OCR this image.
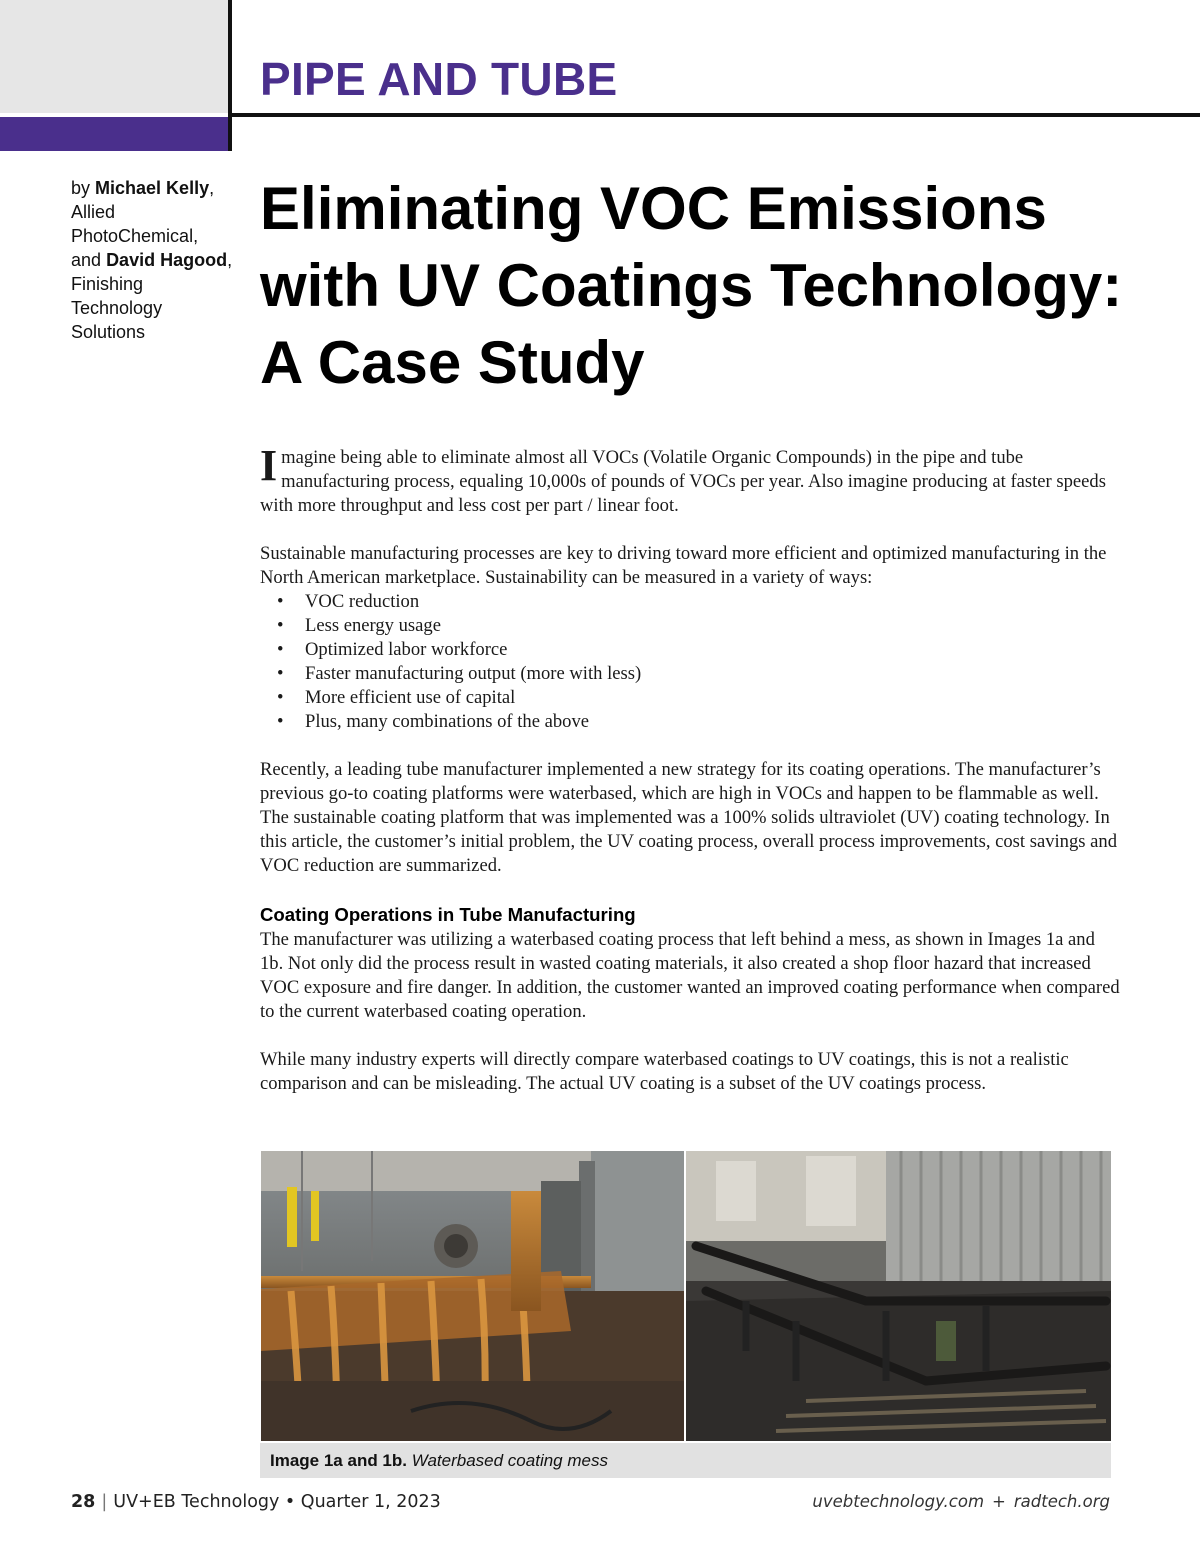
PIPE AND TUBE
by Michael Kelly, Allied PhotoChemical, and David Hagood, Finishing Technology Solutions
Eliminating VOC Emissions with UV Coatings Technology: A Case Study

Imagine being able to eliminate almost all VOCs (Volatile Organic Compounds) in the pipe and tube manufacturing process, equaling 10,000s of pounds of VOCs per year. Also imagine producing at faster speeds with more throughput and less cost per part / linear foot.

Sustainable manufacturing processes are key to driving toward more efficient and optimized manufacturing in the North American marketplace. Sustainability can be measured in a variety of ways:

• VOC reduction
• Less energy usage
• Optimized labor workforce
• Faster manufacturing output (more with less)
• More efficient use of capital
• Plus, many combinations of the above

Recently, a leading tube manufacturer implemented a new strategy for its coating operations. The manufacturer’s previous go-to coating platforms were waterbased, which are high in VOCs and happen to be flammable as well. The sustainable coating platform that was implemented was a 100% solids ultraviolet (UV) coating technology. In this article, the customer’s initial problem, the UV coating process, overall process improvements, cost savings and VOC reduction are summarized.

Coating Operations in Tube Manufacturing

The manufacturer was utilizing a waterbased coating process that left behind a mess, as shown in Images 1a and 1b. Not only did the process result in wasted coating materials, it also created a shop floor hazard that increased VOC exposure and fire danger. In addition, the customer wanted an improved coating performance when compared to the current waterbased coating operation.

While many industry experts will directly compare waterbased coatings to UV coatings, this is not a realistic comparison and can be misleading. The actual UV coating is a subset of the UV coatings process.

Image 1a and 1b. Waterbased coating mess
28 | UV+EB Technology • Quarter 1, 2023	uvebtechnology.com + radtech.org
